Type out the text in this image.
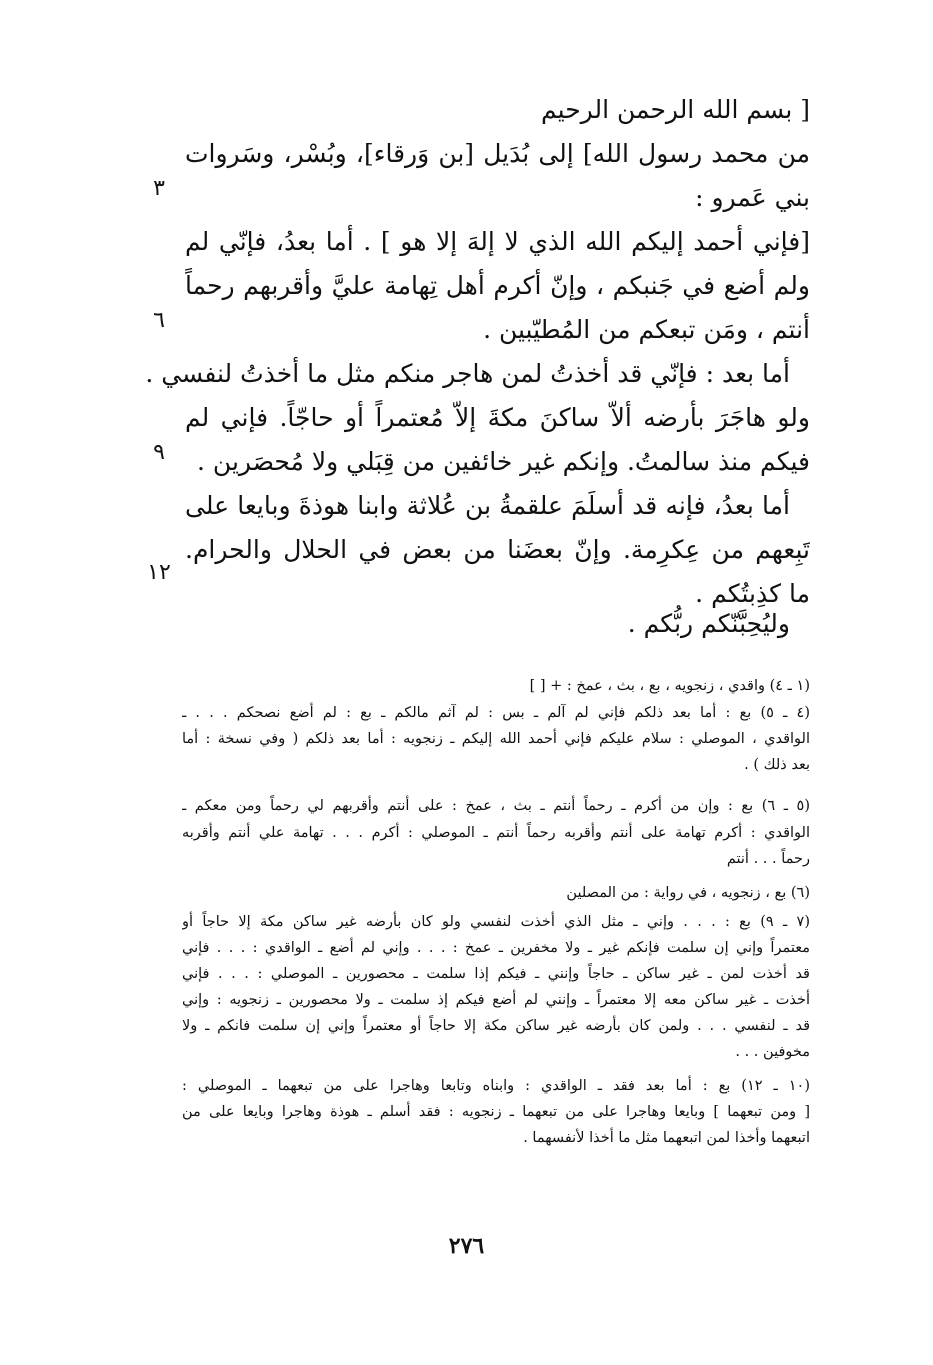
[ بسم الله الرحمن الرحيم
من محمد رسول الله] إلى بُدَيل [بن وَرقاء]، وبُسْر، وسَروات
بني عَمرو :
[فإني أحمد إليكم الله الذي لا إلهَ إلا هو ] . أما بعدُ، فإنّي لم
ولم أضع في جَنبكم ، وإنّ أكرم أهل تِهامة عليَّ وأقربهم رحماً
أنتم ، ومَن تبعكم من المُطيّبين .
أما بعد : فإنّي قد أخذتُ لمن هاجر منكم مثل ما أخذتُ لنفسي .
ولو هاجَرَ بأرضه ألاّ ساكنَ مكةَ إلاّ مُعتمراً أو حاجّاً. فإني لم
فيكم منذ سالمتُ. وإنكم غير خائفين من قِبَلي ولا مُحصَرين .
أما بعدُ، فإنه قد أسلَمَ علقمةُ بن عُلاثة وابنا هوذةَ وبايعا على
تَبِعهم من عِكرِمة. وإنّ بعضَنا من بعض في الحلال والحرام.
ما كذِبتُكم .
وليُحِبَّنّكم ربُّكم .
٣
٦
٩
١٢
(١ ـ ٤) واقدي ، زنجويه ، بع ، بث ، عمخ : + [ ]
(٤ ـ ٥) بع : أما بعد ذلكم فإني لم آلم ـ بس : لم آثم مالكم ـ بع : لم أضع نصحكم . . . ـ
الواقدي ، الموصلي : سلام عليكم فإني أحمد الله إليكم ـ زنجويه : أما بعد ذلكم ( وفي نسخة : أما
بعد ذلك ) .
(٥ ـ ٦) بع : وإن من أكرم ـ رحماً أنتم ـ بث ، عمخ : على أنتم وأقربهم لي رحماً ومن معكم ـ
الواقدي : أكرم تهامة على أنتم وأقربه رحماً أنتم ـ الموصلي : أكرم . . . تهامة علي أنتم وأقربه
رحماً . . . أنتم
(٦) بع ، زنجويه ، في رواية : من المصلين
(٧ ـ ٩) بع : . . . وإني ـ مثل الذي أخذت لنفسي ولو كان بأرضه غير ساكن مكة إلا حاجاً أو
معتمراً وإني إن سلمت فإنكم غير ـ ولا مخفرين ـ عمخ : . . . وإني لم أضع ـ الواقدي : . . . فإني
قد أخذت لمن ـ غير ساكن ـ حاجاً وإنني ـ فيكم إذا سلمت ـ محصورين ـ الموصلي : . . . فإني
أخذت ـ غير ساكن معه إلا معتمراً ـ وإنني لم أضع فيكم إذ سلمت ـ ولا محصورين ـ زنجويه : وإني
قد ـ لنفسي . . . ولمن كان بأرضه غير ساكن مكة إلا حاجاً أو معتمراً وإني إن سلمت فانكم ـ ولا
مخوفين . . .
(١٠ ـ ١٢) بع : أما بعد فقد ـ الواقدي : وابناه وتابعا وهاجرا على من تبعهما ـ الموصلي :
[ ومن تبعهما ] وبايعا وهاجرا على من تبعهما ـ زنجويه : فقد أسلم ـ هوذة وهاجرا وبايعا على من
اتبعهما وأخذا لمن اتبعهما مثل ما أخذا لأنفسهما .
٢٧٦
